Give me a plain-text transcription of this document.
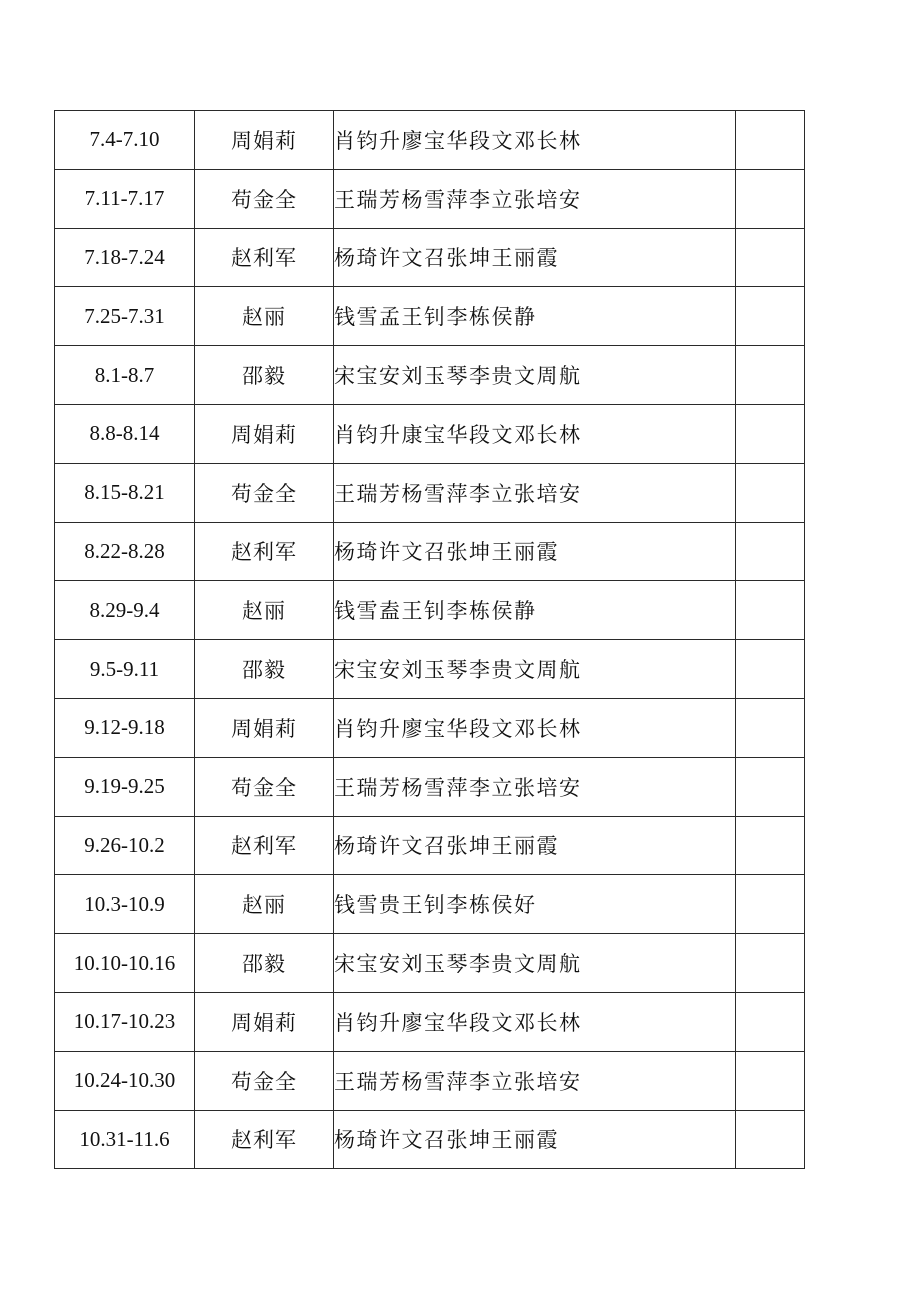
7.4-7.10	周娟莉	肖钧升廖宝华段文邓长林	
7.11-7.17	苟金全	王瑞芳杨雪萍李立张培安	
7.18-7.24	赵利军	杨琦许文召张坤王丽霞	
7.25-7.31	赵丽	钱雪孟王钊李栋侯静	
8.1-8.7	邵毅	宋宝安刘玉琴李贵文周航	
8.8-8.14	周娟莉	肖钧升康宝华段文邓长林	
8.15-8.21	苟金全	王瑞芳杨雪萍李立张培安	
8.22-8.28	赵利军	杨琦许文召张坤王丽霞	
8.29-9.4	赵丽	钱雪盍王钊李栋侯静	
9.5-9.11	邵毅	宋宝安刘玉琴李贵文周航	
9.12-9.18	周娟莉	肖钧升廖宝华段文邓长林	
9.19-9.25	苟金全	王瑞芳杨雪萍李立张培安	
9.26-10.2	赵利军	杨琦许文召张坤王丽霞	
10.3-10.9	赵丽	钱雪贵王钊李栋侯好	
10.10-10.16	邵毅	宋宝安刘玉琴李贵文周航	
10.17-10.23	周娟莉	肖钧升廖宝华段文邓长林	
10.24-10.30	苟金全	王瑞芳杨雪萍李立张培安	
10.31-11.6	赵利军	杨琦许文召张坤王丽霞	
